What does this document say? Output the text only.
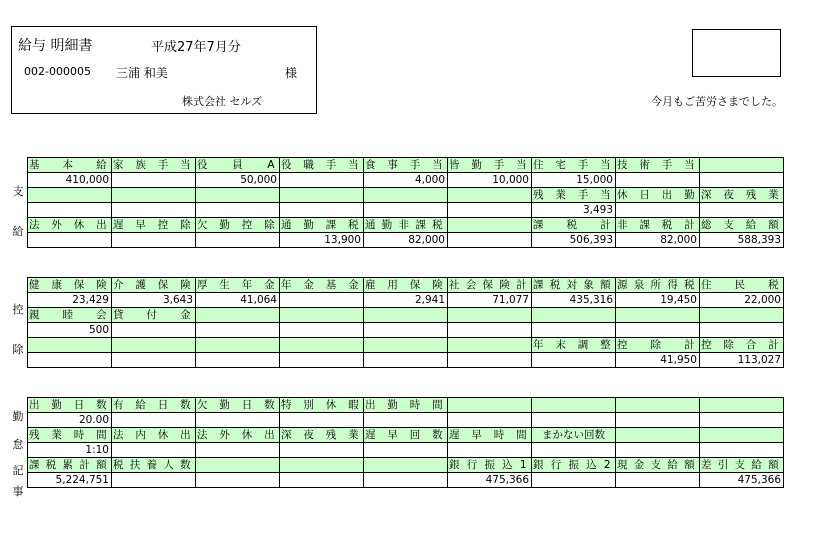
給与 明細書	平成27年7月分
002-000005 三浦 和美	様
株式会社 セルズ	今月もご苦労さまでした。
支
給
基本給	家族手当	役員A	役職手当	食事手当	皆勤手当	住宅手当	技術手当	
410,000		50,000		4,000	10,000	15,000		
						残業手当	休日出勤	深夜残業
						3,493		
法外休出	遅早控除	欠勤控除	通勤課税	通勤非課税		課税計	非課税計	総支給額
			13,900	82,000		506,393	82,000	588,393
控
除
健康保険	介護保険	厚生年金	年金基金	雇用保険	社会保険計	課税対象額	源泉所得税	住民税
23,429	3,643	41,064		2,941	71,077	435,316	19,450	22,000
親睦会	貸付金							
500								
						年末調整	控除計	控除合計
							41,950	113,027
勤
怠
記
事
出勤日数	有給日数	欠勤日数	特別休暇	出勤時間				
20.00								
残業時間	法内休出	法外休出	深夜残業	遅早回数	遅早時間	まかない回数		
1:10								
課税累計額	税扶養人数				銀行振込1	銀行振込2	現金支給額	差引支給額
5,224,751					475,366			475,366
